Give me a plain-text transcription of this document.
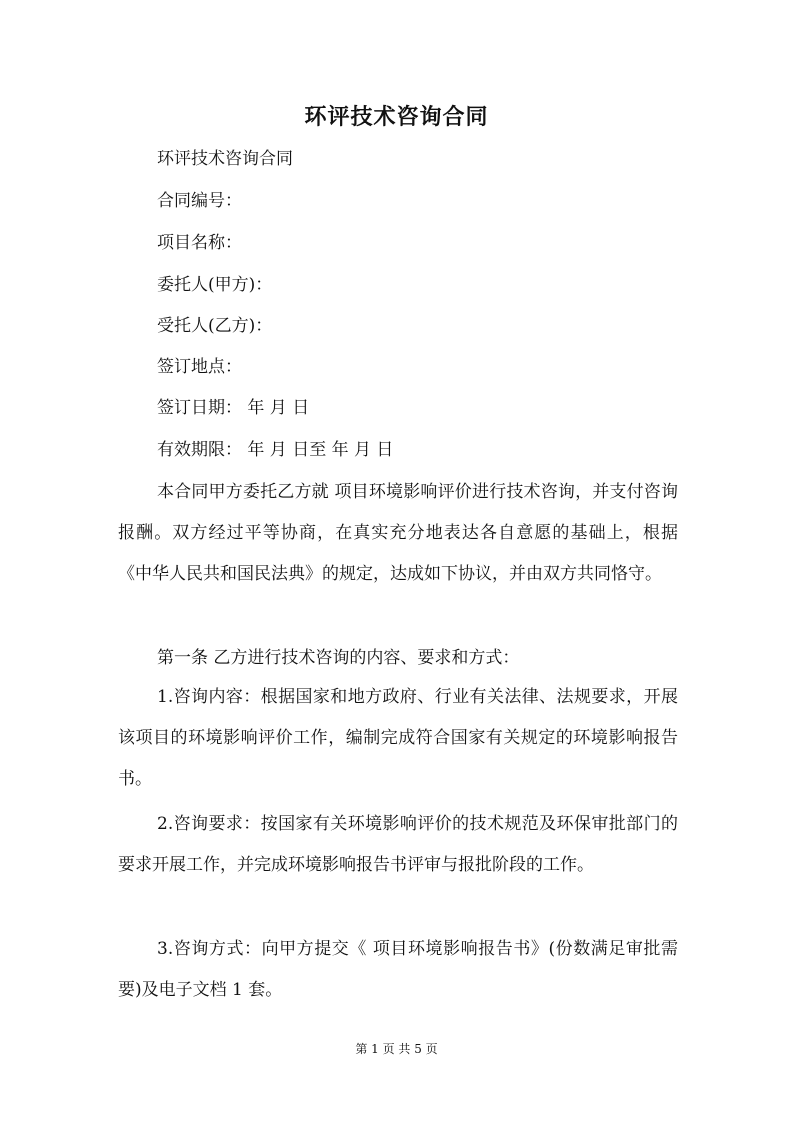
环评技术咨询合同
环评技术咨询合同
合同编号：
项目名称：
委托人(甲方)：
受托人(乙方)：
签订地点：
签订日期： 年 月 日
有效期限： 年 月 日至 年 月 日
本合同甲方委托乙方就 项目环境影响评价进行技术咨询，并支付咨询报酬。双方经过平等协商，在真实充分地表达各自意愿的基础上，根据《中华人民共和国民法典》的规定，达成如下协议，并由双方共同恪守。
第一条 乙方进行技术咨询的内容、要求和方式：
1.咨询内容：根据国家和地方政府、行业有关法律、法规要求，开展该项目的环境影响评价工作，编制完成符合国家有关规定的环境影响报告书。
2.咨询要求：按国家有关环境影响评价的技术规范及环保审批部门的要求开展工作，并完成环境影响报告书评审与报批阶段的工作。
3.咨询方式：向甲方提交《 项目环境影响报告书》(份数满足审批需要)及电子文档 1 套。
第 1 页 共 5 页
